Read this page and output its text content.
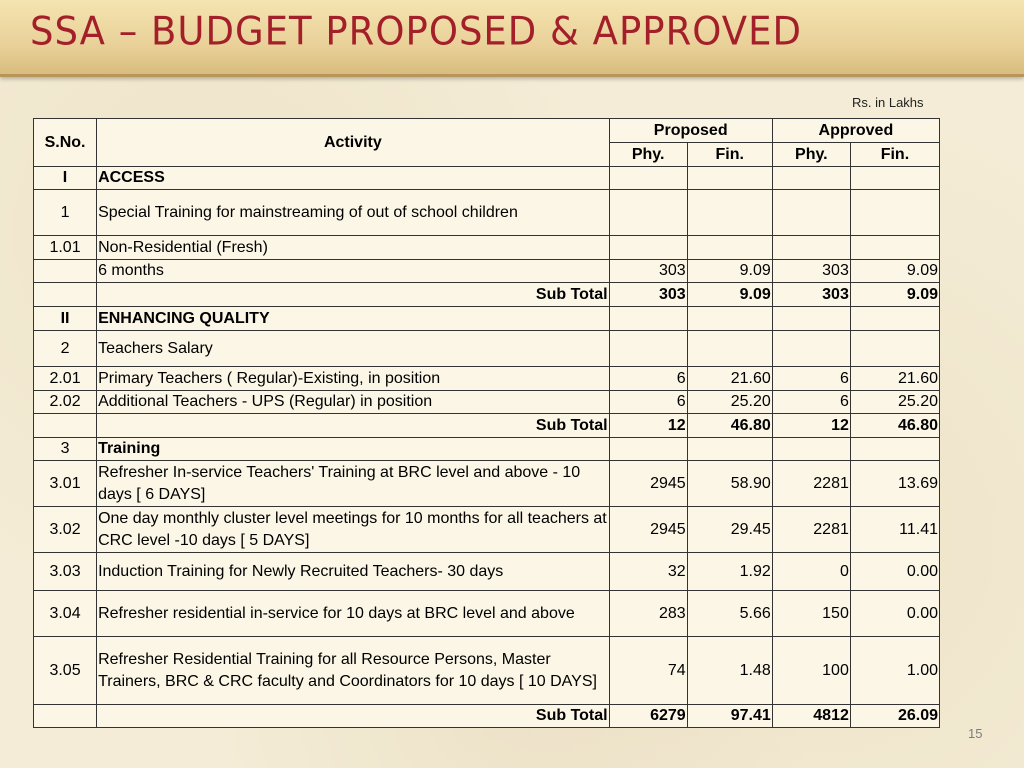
SSA – BUDGET PROPOSED & APPROVED
Rs. in Lakhs
S.No.	Activity	Proposed		Approved	
		Phy.	Fin.	Phy.	Fin.
I	ACCESS				
1	Special Training for mainstreaming of out of school children				
1.01	Non-Residential (Fresh)				
	6 months	303	9.09	303	9.09
	Sub Total	303	9.09	303	9.09
II	ENHANCING QUALITY				
2	Teachers Salary				
2.01	Primary Teachers ( Regular)-Existing, in position	6	21.60	6	21.60
2.02	Additional Teachers - UPS (Regular) in position	6	25.20	6	25.20
	Sub Total	12	46.80	12	46.80
3	Training				
3.01	Refresher In-service Teachers' Training at BRC level and above - 10 days [ 6 DAYS]	2945	58.90	2281	13.69
3.02	One day monthly cluster level meetings for 10 months for all teachers at CRC level -10 days [ 5 DAYS]	2945	29.45	2281	11.41
3.03	Induction Training for Newly Recruited Teachers- 30 days	32	1.92	0	0.00
3.04	Refresher residential in-service for 10 days at BRC level and above	283	5.66	150	0.00
3.05	Refresher Residential Training for all Resource Persons, Master Trainers, BRC & CRC faculty and Coordinators for 10 days [ 10 DAYS]	74	1.48	100	1.00
	Sub Total	6279	97.41	4812	26.09
15
